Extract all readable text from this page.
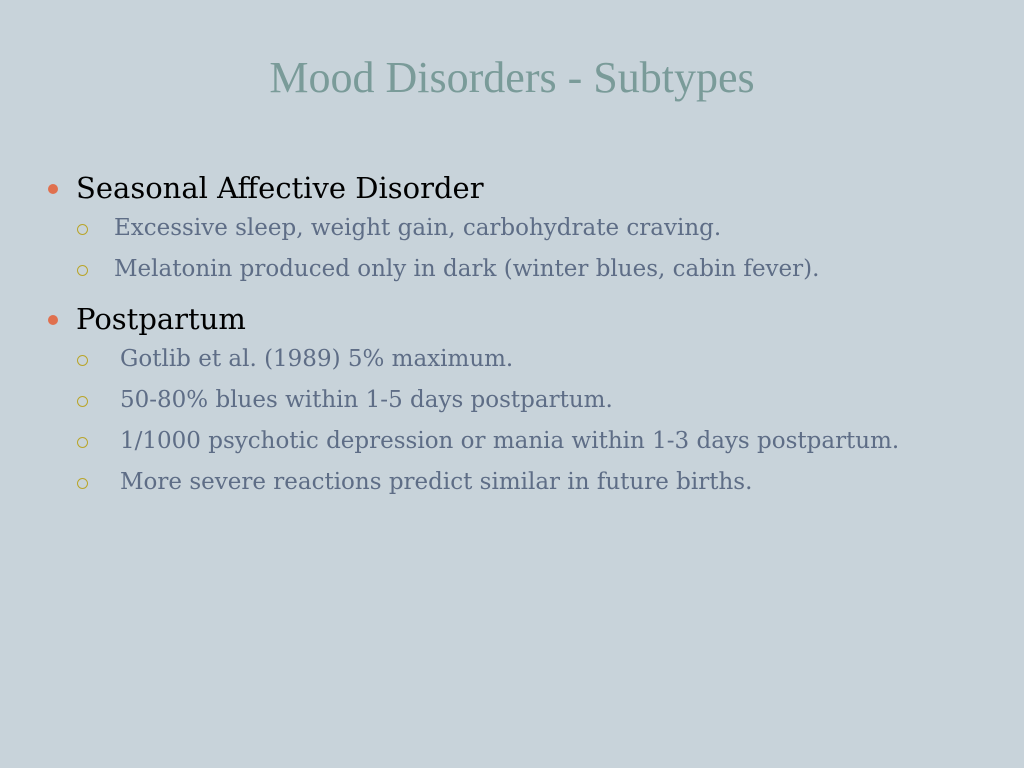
Mood Disorders - Subtypes

Seasonal Affective Disorder

Excessive sleep, weight gain, carbohydrate craving.

Melatonin produced only in dark (winter blues, cabin fever).

Postpartum

Gotlib et al. (1989) 5% maximum.

50-80% blues within 1-5 days postpartum.

1/1000 psychotic depression or mania within 1-3 days postpartum.

More severe reactions predict similar in future births.
